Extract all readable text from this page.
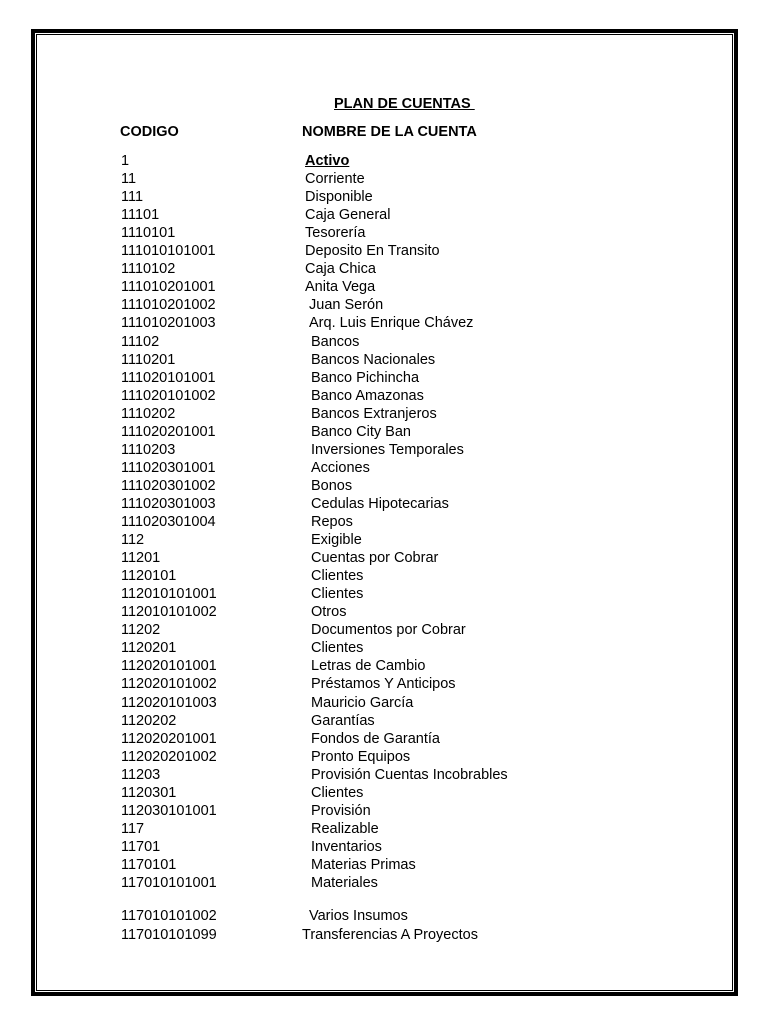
PLAN DE CUENTAS
CODIGO	NOMBRE DE LA CUENTA
1	Activo
11	Corriente
111	Disponible
11101	Caja General
1110101	Tesorería
111010101001	Deposito En Transito
1110102	Caja Chica
111010201001	Anita Vega
111010201002	Juan Serón
111010201003	Arq. Luis Enrique Chávez
11102	Bancos
1110201	Bancos Nacionales
111020101001	Banco Pichincha
111020101002	Banco Amazonas
1110202	Bancos Extranjeros
111020201001	Banco City Ban
1110203	Inversiones Temporales
111020301001	Acciones
111020301002	Bonos
111020301003	Cedulas Hipotecarias
111020301004	Repos
112	Exigible
11201	Cuentas por Cobrar
1120101	Clientes
112010101001	Clientes
112010101002	Otros
11202	Documentos por Cobrar
1120201	Clientes
112020101001	Letras de Cambio
112020101002	Préstamos Y Anticipos
112020101003	Mauricio García
1120202	Garantías
112020201001	Fondos de Garantía
112020201002	Pronto Equipos
11203	Provisión Cuentas Incobrables
1120301	Clientes
112030101001	Provisión
117	Realizable
11701	Inventarios
1170101	Materias Primas
117010101001	Materiales
117010101002	Varios Insumos
117010101099	Transferencias A Proyectos
